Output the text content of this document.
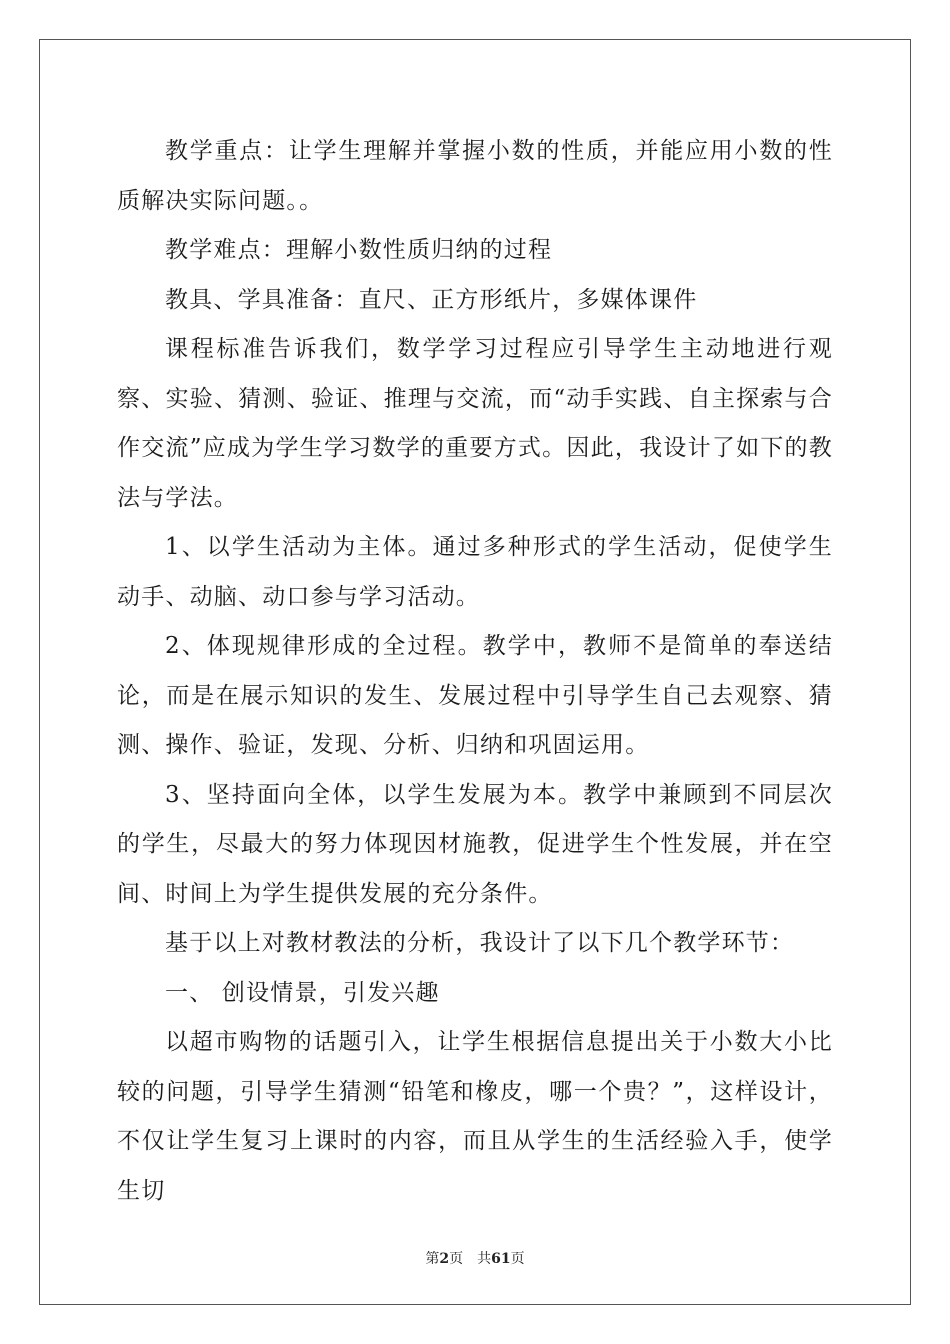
教学重点：让学生理解并掌握小数的性质，并能应用小数的性质解决实际问题。。

教学难点：理解小数性质归纳的过程

教具、学具准备：直尺、正方形纸片，多媒体课件

课程标准告诉我们，数学学习过程应引导学生主动地进行观察、实验、猜测、验证、推理与交流，而“动手实践、自主探索与合作交流”应成为学生学习数学的重要方式。因此，我设计了如下的教法与学法。

1、以学生活动为主体。通过多种形式的学生活动，促使学生动手、动脑、动口参与学习活动。

2、体现规律形成的全过程。教学中，教师不是简单的奉送结论，而是在展示知识的发生、发展过程中引导学生自己去观察、猜测、操作、验证，发现、分析、归纳和巩固运用。

3、坚持面向全体，以学生发展为本。教学中兼顾到不同层次的学生，尽最大的努力体现因材施教，促进学生个性发展，并在空间、时间上为学生提供发展的充分条件。

基于以上对教材教法的分析，我设计了以下几个教学环节：

一、 创设情景，引发兴趣

以超市购物的话题引入，让学生根据信息提出关于小数大小比较的问题，引导学生猜测“铅笔和橡皮，哪一个贵？”，这样设计，不仅让学生复习上课时的内容，而且从学生的生活经验入手，使学生切

第2页 共61页
